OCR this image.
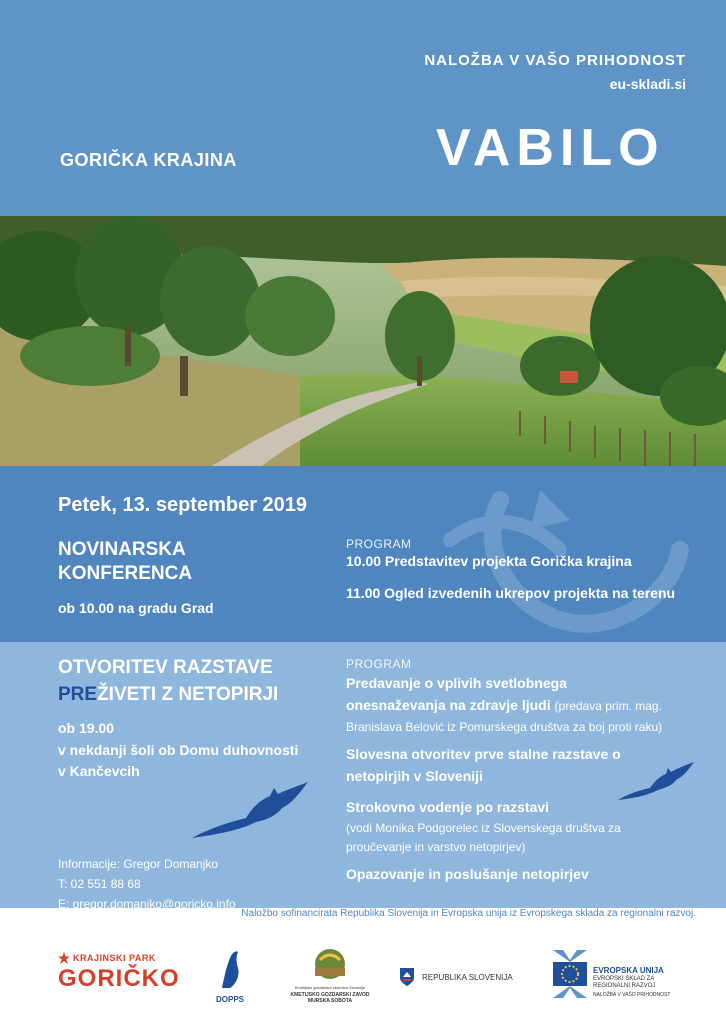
NALOŽBA V VAŠO PRIHODNOST
eu-skladi.si
GORIČKA KRAJINA	VABILO
Petek, 13. september 2019
NOVINARSKA
KONFERENCA
ob 10.00 na gradu Grad
PROGRAM
10.00 Predstavitev projekta Gorička krajina
11.00 Ogled izvedenih ukrepov projekta na terenu
OTVORITEV RAZSTAVE
PREŽIVETI Z NETOPIRJI
ob 19.00
v nekdanji šoli ob Domu duhovnosti
v Kančevcih
Informacije: Gregor Domanjko
T: 02 551 88 68
E: gregor.domanjko@goricko.info
PROGRAM
Predavanje o vplivih svetlobnega
onesnaževanja na zdravje ljudi (predava prim. mag.
Branislava Belović iz Pomurskega društva za boj proti raku)
Slovesna otvoritev prve stalne razstave o
netopirjih v Sloveniji
Strokovno vodenje po razstavi
(vodi Monika Podgorelec iz Slovenskega društva za
proučevanje in varstvo netopirjev)
Opazovanje in poslušanje netopirjev
Naložbo sofinancirata Republika Slovenija in Evropska unija iz Evropskega sklada za regionalni razvoj.
KRAJINSKI PARK
GORIČKO
DOPPS
Kmetijsko gozdarska zbornica Slovenije
KMETIJSKO GOZDARSKI ZAVOD
MURSKA SOBOTA
REPUBLIKA SLOVENIJA
EVROPSKA UNIJA
EVROPSKI SKLAD ZA
REGIONALNI RAZVOJ
NALOŽBA V VAŠO PRIHODNOST
